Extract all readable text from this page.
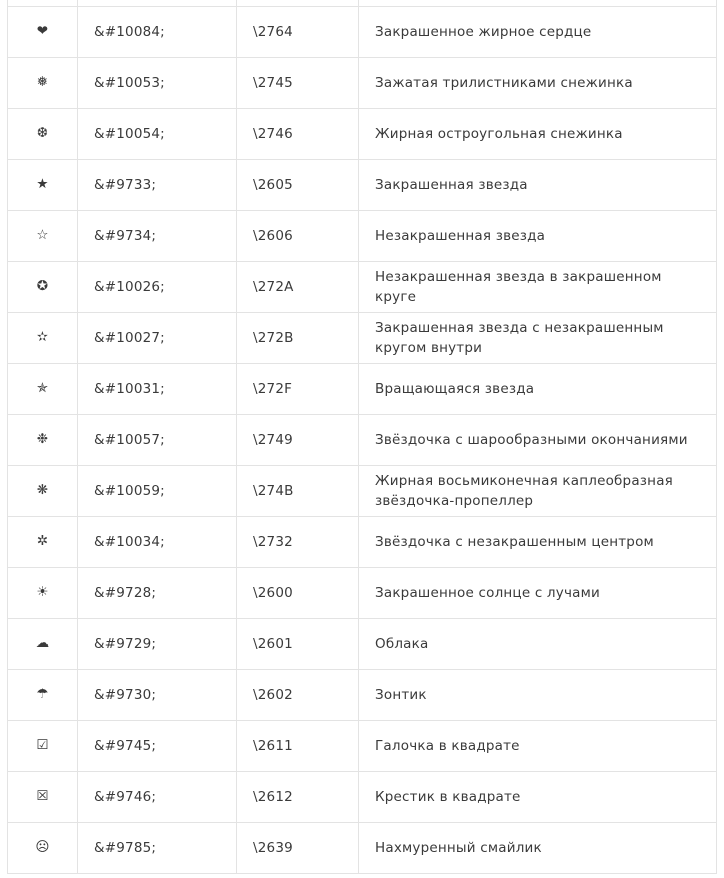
❤	&#10084;	\2764	Закрашенное жирное сердце
❅	&#10053;	\2745	Зажатая трилистниками снежинка
❆	&#10054;	\2746	Жирная остроугольная снежинка
★	&#9733;	\2605	Закрашенная звезда
☆	&#9734;	\2606	Незакрашенная звезда
✪	&#10026;	\272A	Незакрашенная звезда в закрашенном круге
✫	&#10027;	\272B	Закрашенная звезда с незакрашенным кругом внутри
✯	&#10031;	\272F	Вращающаяся звезда
❉	&#10057;	\2749	Звёздочка с шарообразными окончаниями
❋	&#10059;	\274B	Жирная восьмиконечная каплеобразная звёздочка-пропеллер
✲	&#10034;	\2732	Звёздочка с незакрашенным центром
☀	&#9728;	\2600	Закрашенное солнце с лучами
☁	&#9729;	\2601	Облака
☂	&#9730;	\2602	Зонтик
☑	&#9745;	\2611	Галочка в квадрате
☒	&#9746;	\2612	Крестик в квадрате
☹	&#9785;	\2639	Нахмуренный смайлик
